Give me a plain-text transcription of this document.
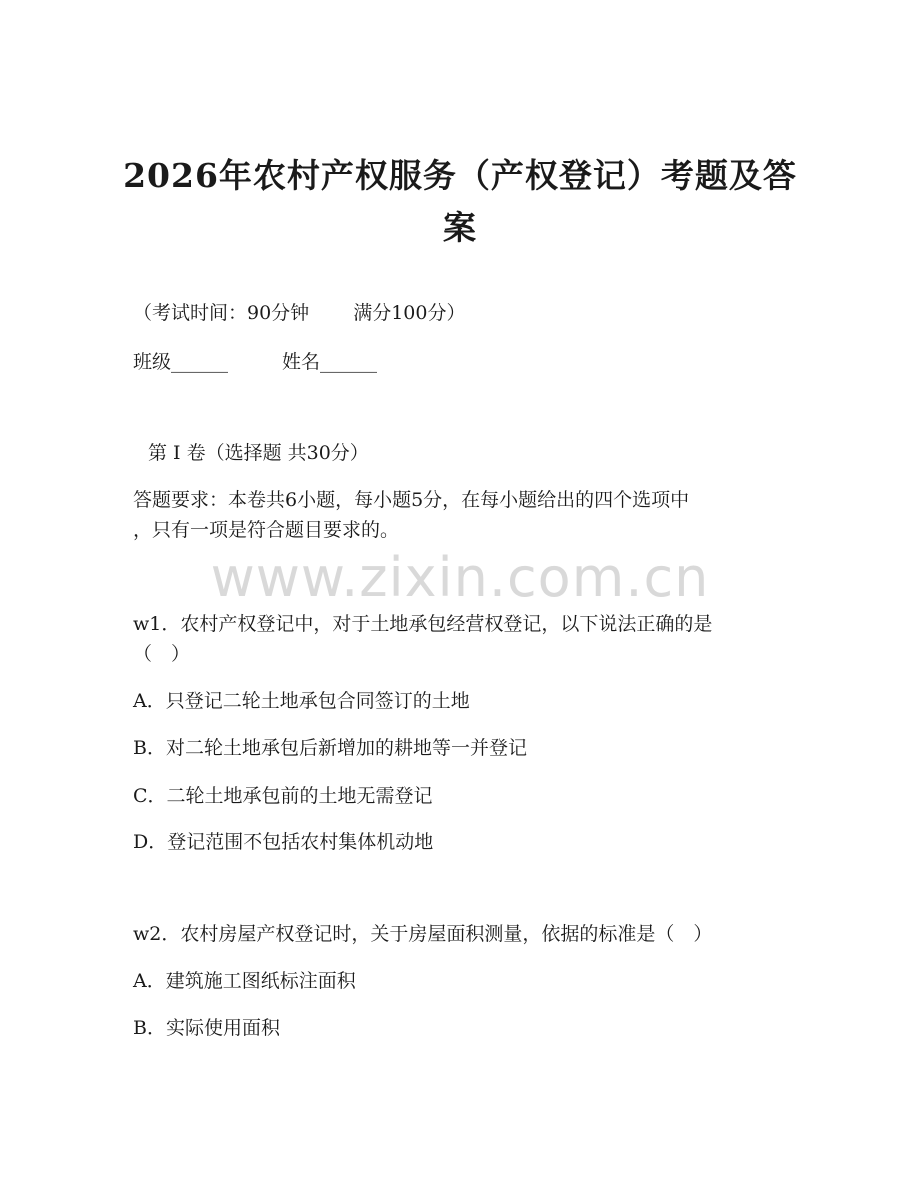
2026年农村产权服务（产权登记）考题及答
案
（考试时间：90分钟 满分100分）
班级______	姓名______
第 I 卷（选择题 共30分）
答题要求：本卷共6小题，每小题5分，在每小题给出的四个选项中
，只有一项是符合题目要求的。
www.zixin.com.cn
w1．农村产权登记中，对于土地承包经营权登记，以下说法正确的是
（　）
A．只登记二轮土地承包合同签订的土地
B．对二轮土地承包后新增加的耕地等一并登记
C．二轮土地承包前的土地无需登记
D．登记范围不包括农村集体机动地
w2．农村房屋产权登记时，关于房屋面积测量，依据的标准是（　）
A．建筑施工图纸标注面积
B．实际使用面积
